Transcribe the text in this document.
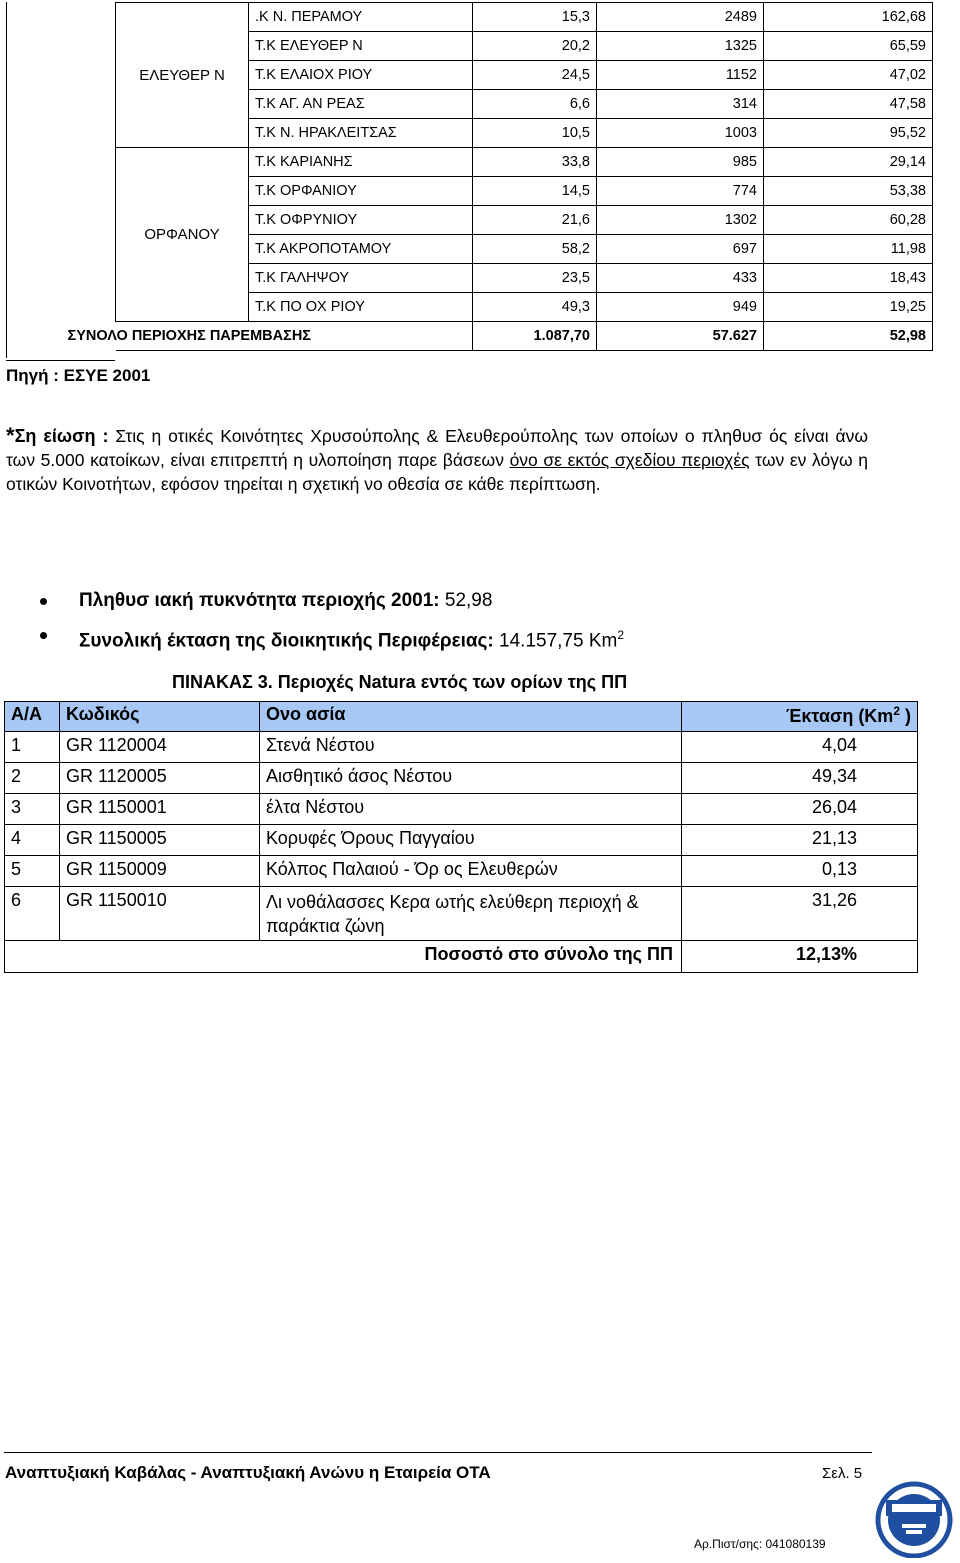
ΕΛΕΥΘΕΡ Ν	.Κ Ν. ΠΕΡΑΜΟΥ	15,3	2489	162,68
	Τ.Κ ΕΛΕΥΘΕΡ Ν	20,2	1325	65,59
	Τ.Κ ΕΛΑΙΟΧ ΡΙΟΥ	24,5	1152	47,02
	Τ.Κ ΑΓ. ΑΝ ΡΕΑΣ	6,6	314	47,58
	Τ.Κ Ν. ΗΡΑΚΛΕΙΤΣΑΣ	10,5	1003	95,52
ΟΡΦΑΝΟΥ	Τ.Κ ΚΑΡΙΑΝΗΣ	33,8	985	29,14
	Τ.Κ ΟΡΦΑΝΙΟΥ	14,5	774	53,38
	Τ.Κ ΟΦΡΥΝΙΟΥ	21,6	1302	60,28
	Τ.Κ ΑΚΡΟΠΟΤΑΜΟΥ	58,2	697	11,98
	Τ.Κ ΓΑΛΗΨΟΥ	23,5	433	18,43
	Τ.Κ ΠΟ ΟΧ ΡΙΟΥ	49,3	949	19,25
ΣΥΝΟΛΟ ΠΕΡΙΟΧΗΣ ΠΑΡΕΜΒΑΣΗΣ		1.087,70	57.627	52,98
Πηγή : ΕΣΥΕ 2001
*Ση είωση : Στις η οτικές Κοινότητες Χρυσούπολης & Ελευθερούπολης των οποίων ο πληθυσ ός είναι άνω των 5.000 κατοίκων, είναι επιτρεπτή η υλοποίηση παρε βάσεων όνο σε εκτός σχεδίου περιοχές των εν λόγω η οτικών Κοινοτήτων, εφόσον τηρείται η σχετική νο οθεσία σε κάθε περίπτωση.
Πληθυσ ιακή πυκνότητα περιοχής 2001: 52,98
Συνολική έκταση της διοικητικής Περιφέρειας: 14.157,75 Km$^2$
ΠΙΝΑΚΑΣ 3. Περιοχές Natura εντός των ορίων της ΠΠ
Α/Α	Κωδικός	Ονο ασία	Έκταση (Km$^2$ )
1	GR 1120004	Στενά Νέστου	4,04
2	GR 1120005	Αισθητικό άσος Νέστου	49,34
3	GR 1150001	έλτα Νέστου	26,04
4	GR 1150005	Κορυφές Όρους Παγγαίου	21,13
5	GR 1150009	Κόλπος Παλαιού - Όρ ος Ελευθερών	0,13
6	GR 1150010	Λι νοθάλασσες Κερα ωτής ελεύθερη περιοχή & παράκτια ζώνη	31,26
Ποσοστό στο σύνολο της ΠΠ			12,13%
Αναπτυξιακή Καβάλας - Αναπτυξιακή Ανώνυ η Εταιρεία ΟΤΑ	Σελ. 5
Αρ.Πιστ/σης: 041080139
